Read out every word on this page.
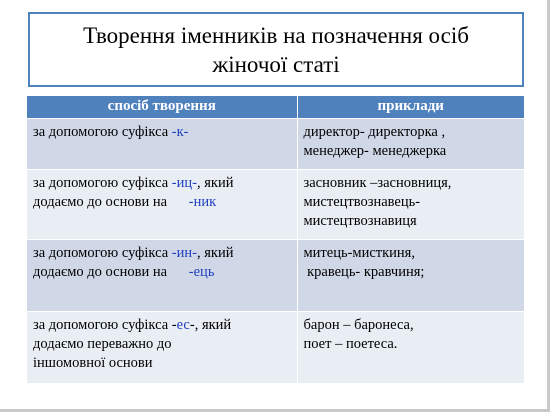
Творення іменників на позначення осіб
жіночої статі
спосіб творення	приклади

за допомогою суфікса -к-	директор- директорка ,
менеджер- менеджерка

за допомогою суфікса -иц-, який
додаємо до основи на      -ник	засновник –засновниця,
мистецтвознавець-
мистецтвознавиця

за допомогою суфікса -ин-, який
додаємо до основи на      -ець	митець-мисткиня,
кравець- кравчиня;

за допомогою суфікса -ес-, який
додаємо переважно до
іншомовної основи	барон – баронеса,
поет – поетеса.
